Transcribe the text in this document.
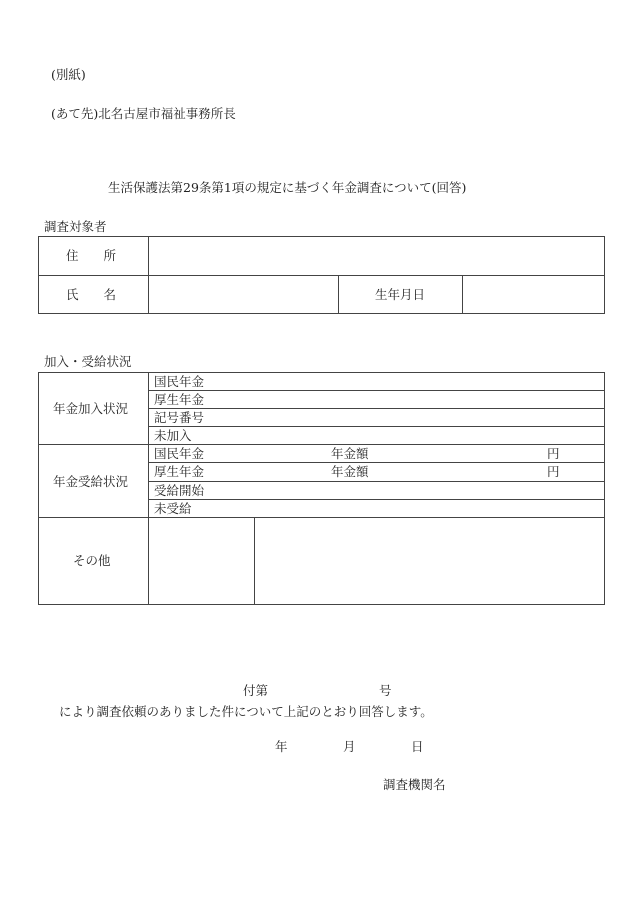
(別紙)
(あて先)北名古屋市福祉事務所長
生活保護法第29条第1項の規定に基づく年金調査について(回答)
調査対象者
住　　所
氏　　名	生年月日
加入・受給状況
年金加入状況
国民年金
厚生年金
記号番号
未加入
年金受給状況
国民年金	年金額	円
厚生年金	年金額	円
受給開始
未受給
その他
付第	号
により調査依頼のありました件について上記のとおり回答します。
年	月	日
調査機関名
